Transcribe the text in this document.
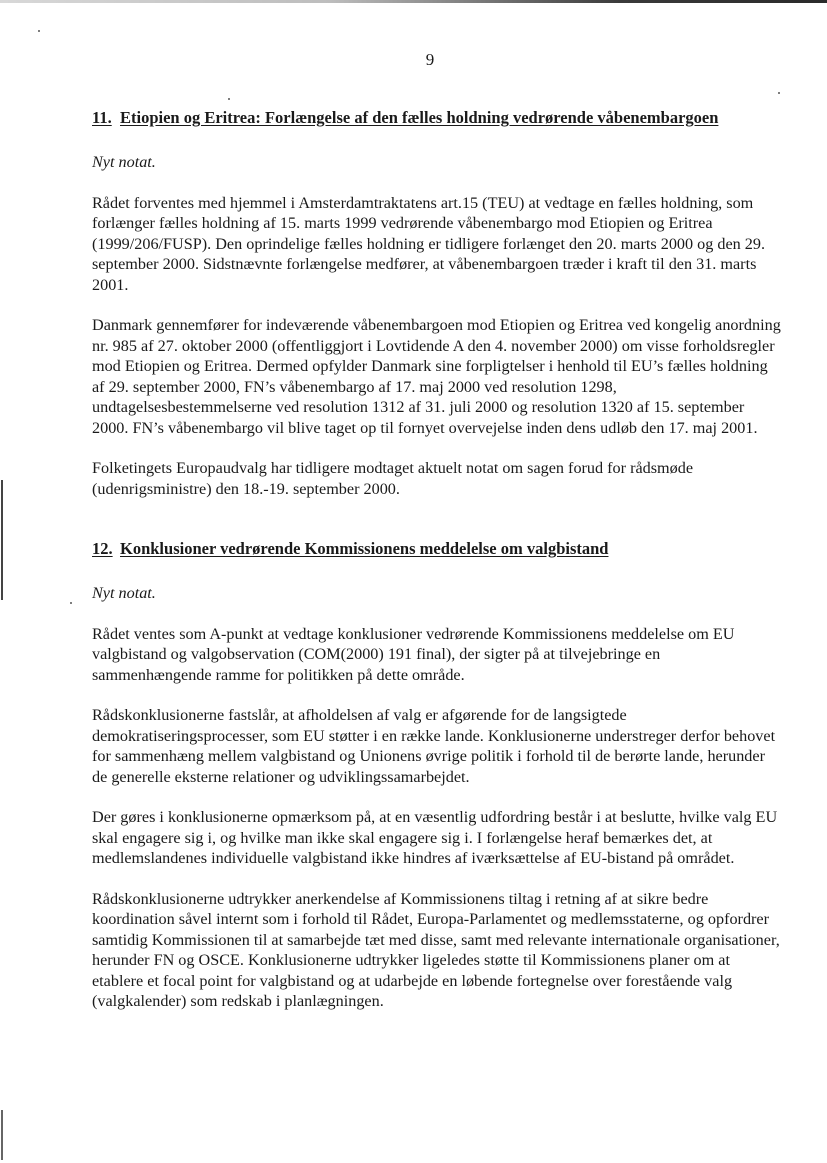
9
11. Etiopien og Eritrea: Forlængelse af den fælles holdning vedrørende våbenembargoen

Nyt notat.

Rådet forventes med hjemmel i Amsterdamtraktatens art.15 (TEU) at vedtage en fælles holdning, som forlænger fælles holdning af 15. marts 1999 vedrørende våbenembargo mod Etiopien og Eritrea (1999/206/FUSP). Den oprindelige fælles holdning er tidligere forlænget den 20. marts 2000 og den 29. september 2000. Sidstnævnte forlængelse medfører, at våbenembargoen træder i kraft til den 31. marts 2001.

Danmark gennemfører for indeværende våbenembargoen mod Etiopien og Eritrea ved kongelig anordning nr. 985 af 27. oktober 2000 (offentliggjort i Lovtidende A den 4. november 2000) om visse forholdsregler mod Etiopien og Eritrea. Dermed opfylder Danmark sine forpligtelser i henhold til EU’s fælles holdning af 29. september 2000, FN’s våbenembargo af 17. maj 2000 ved resolution 1298, undtagelsesbestemmelserne ved resolution 1312 af 31. juli 2000 og resolution 1320 af 15. september 2000. FN’s våbenembargo vil blive taget op til fornyet overvejelse inden dens udløb den 17. maj 2001.

Folketingets Europaudvalg har tidligere modtaget aktuelt notat om sagen forud for rådsmøde (udenrigsministre) den 18.-19. september 2000.

12. Konklusioner vedrørende Kommissionens meddelelse om valgbistand

Nyt notat.

Rådet ventes som A-punkt at vedtage konklusioner vedrørende Kommissionens meddelelse om EU valgbistand og valgobservation (COM(2000) 191 final), der sigter på at tilvejebringe en sammenhængende ramme for politikken på dette område.

Rådskonklusionerne fastslår, at afholdelsen af valg er afgørende for de langsigtede demokratiseringsprocesser, som EU støtter i en række lande. Konklusionerne understreger derfor behovet for sammenhæng mellem valgbistand og Unionens øvrige politik i forhold til de berørte lande, herunder de generelle eksterne relationer og udviklingssamarbejdet.

Der gøres i konklusionerne opmærksom på, at en væsentlig udfordring består i at beslutte, hvilke valg EU skal engagere sig i, og hvilke man ikke skal engagere sig i. I forlængelse heraf bemærkes det, at medlemslandenes individuelle valgbistand ikke hindres af iværksættelse af EU-bistand på området.

Rådskonklusionerne udtrykker anerkendelse af Kommissionens tiltag i retning af at sikre bedre koordination såvel internt som i forhold til Rådet, Europa-Parlamentet og medlemsstaterne, og opfordrer samtidig Kommissionen til at samarbejde tæt med disse, samt med relevante internationale organisationer, herunder FN og OSCE. Konklusionerne udtrykker ligeledes støtte til Kommissionens planer om at etablere et focal point for valgbistand og at udarbejde en løbende fortegnelse over forestående valg (valgkalender) som redskab i planlægningen.
